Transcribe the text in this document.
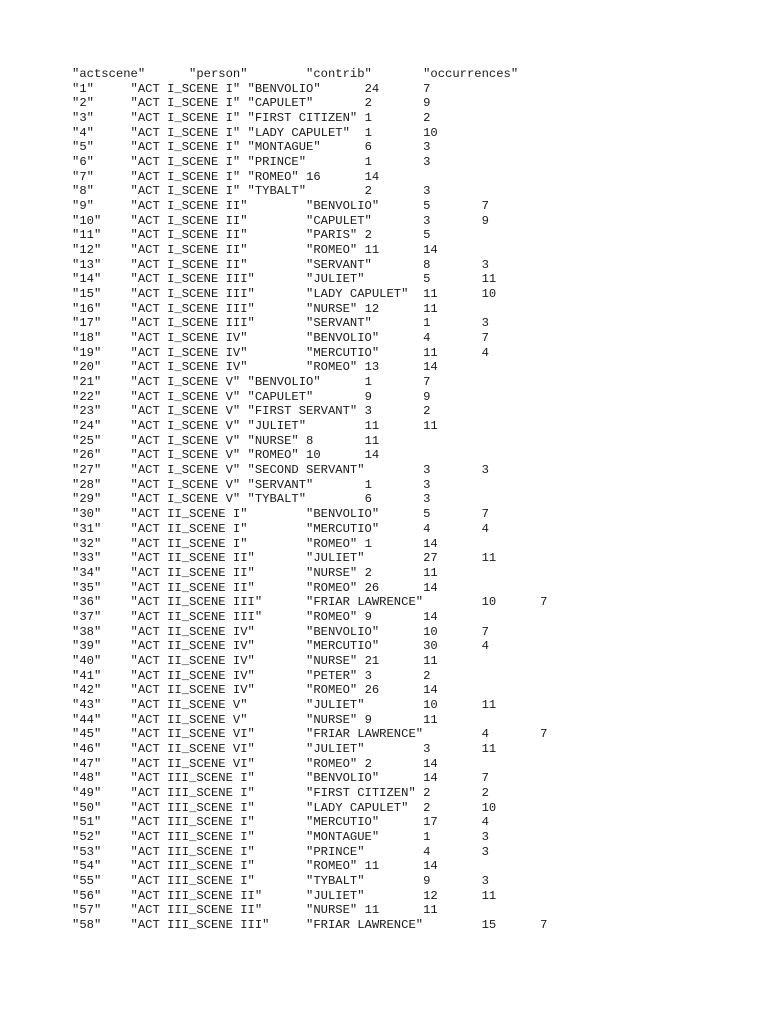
"actscene"	"person"	"contrib"	"occurrences"
"1"	"ACT I_SCENE I"	"BENVOLIO"	24	7
"2"	"ACT I_SCENE I"	"CAPULET"	2	9
"3"	"ACT I_SCENE I"	"FIRST CITIZEN"	1	2
"4"	"ACT I_SCENE I"	"LADY CAPULET"	1	10
"5"	"ACT I_SCENE I"	"MONTAGUE"	6	3
"6"	"ACT I_SCENE I"	"PRINCE"	1	3
"7"	"ACT I_SCENE I"	"ROMEO"	16	14
"8"	"ACT I_SCENE I"	"TYBALT"	2	3
"9"	"ACT I_SCENE II"	"BENVOLIO"	5	7
"10"	"ACT I_SCENE II"	"CAPULET"	3	9
"11"	"ACT I_SCENE II"	"PARIS"	2	5
"12"	"ACT I_SCENE II"	"ROMEO"	11	14
"13"	"ACT I_SCENE II"	"SERVANT"	8	3
"14"	"ACT I_SCENE III"	"JULIET"	5	11
"15"	"ACT I_SCENE III"	"LADY CAPULET"	11	10
"16"	"ACT I_SCENE III"	"NURSE"	12	11
"17"	"ACT I_SCENE III"	"SERVANT"	1	3
"18"	"ACT I_SCENE IV"	"BENVOLIO"	4	7
"19"	"ACT I_SCENE IV"	"MERCUTIO"	11	4
"20"	"ACT I_SCENE IV"	"ROMEO"	13	14
"21"	"ACT I_SCENE V"	"BENVOLIO"	1	7
"22"	"ACT I_SCENE V"	"CAPULET"	9	9
"23"	"ACT I_SCENE V"	"FIRST SERVANT"	3	2
"24"	"ACT I_SCENE V"	"JULIET"	11	11
"25"	"ACT I_SCENE V"	"NURSE"	8	11
"26"	"ACT I_SCENE V"	"ROMEO"	10	14
"27"	"ACT I_SCENE V"	"SECOND SERVANT"	3	3
"28"	"ACT I_SCENE V"	"SERVANT"	1	3
"29"	"ACT I_SCENE V"	"TYBALT"	6	3
"30"	"ACT II_SCENE I"	"BENVOLIO"	5	7
"31"	"ACT II_SCENE I"	"MERCUTIO"	4	4
"32"	"ACT II_SCENE I"	"ROMEO"	1	14
"33"	"ACT II_SCENE II"	"JULIET"	27	11
"34"	"ACT II_SCENE II"	"NURSE"	2	11
"35"	"ACT II_SCENE II"	"ROMEO"	26	14
"36"	"ACT II_SCENE III"	"FRIAR LAWRENCE"	10	7
"37"	"ACT II_SCENE III"	"ROMEO"	9	14
"38"	"ACT II_SCENE IV"	"BENVOLIO"	10	7
"39"	"ACT II_SCENE IV"	"MERCUTIO"	30	4
"40"	"ACT II_SCENE IV"	"NURSE"	21	11
"41"	"ACT II_SCENE IV"	"PETER"	3	2
"42"	"ACT II_SCENE IV"	"ROMEO"	26	14
"43"	"ACT II_SCENE V"	"JULIET"	10	11
"44"	"ACT II_SCENE V"	"NURSE"	9	11
"45"	"ACT II_SCENE VI"	"FRIAR LAWRENCE"	4	7
"46"	"ACT II_SCENE VI"	"JULIET"	3	11
"47"	"ACT II_SCENE VI"	"ROMEO"	2	14
"48"	"ACT III_SCENE I"	"BENVOLIO"	14	7
"49"	"ACT III_SCENE I"	"FIRST CITIZEN"	2	2
"50"	"ACT III_SCENE I"	"LADY CAPULET"	2	10
"51"	"ACT III_SCENE I"	"MERCUTIO"	17	4
"52"	"ACT III_SCENE I"	"MONTAGUE"	1	3
"53"	"ACT III_SCENE I"	"PRINCE"	4	3
"54"	"ACT III_SCENE I"	"ROMEO"	11	14
"55"	"ACT III_SCENE I"	"TYBALT"	9	3
"56"	"ACT III_SCENE II"	"JULIET"	12	11
"57"	"ACT III_SCENE II"	"NURSE"	11	11
"58"	"ACT III_SCENE III"	"FRIAR LAWRENCE"	15	7
